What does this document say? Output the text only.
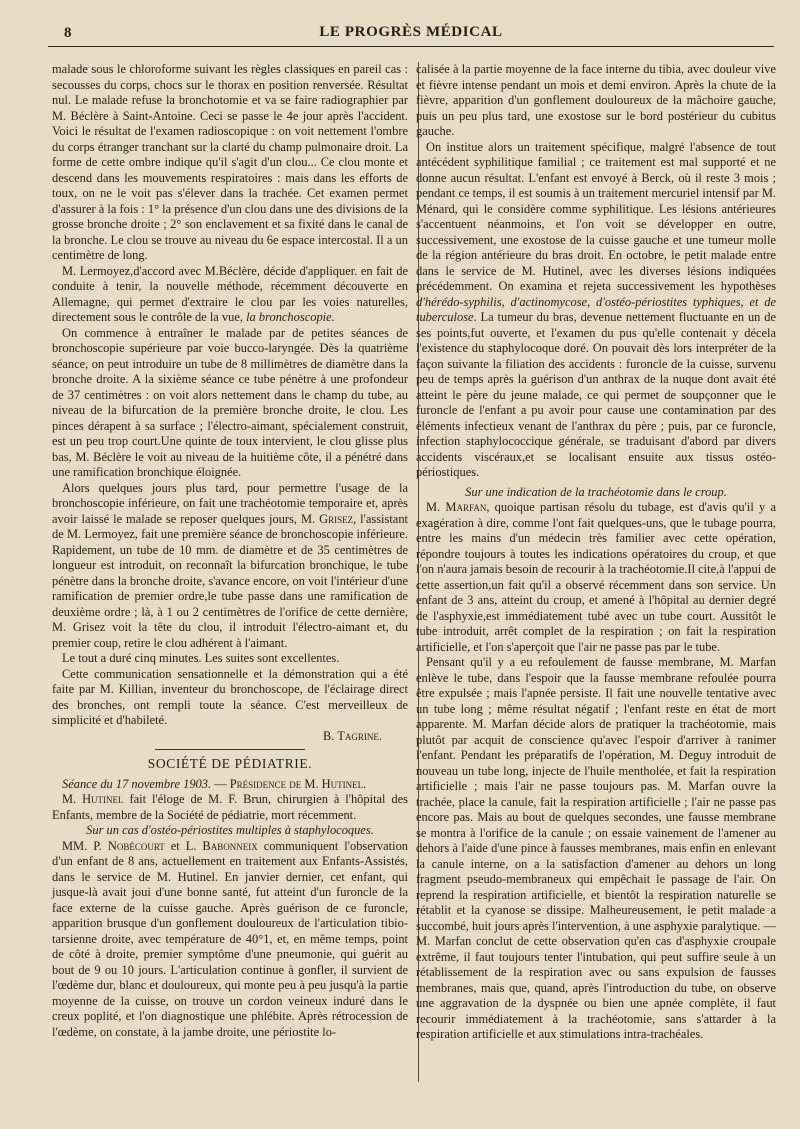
8	LE PROGRÈS MÉDICAL

malade sous le chloroforme suivant les règles classiques en pareil cas : secousses du corps, chocs sur le thorax en position renversée. Résultat nul. Le malade refuse la bronchotomie et va se faire radiographier par M. Béclère à Saint-Antoine. Ceci se passe le 4e jour après l'accident. Voici le résultat de l'examen radioscopique : on voit nettement l'ombre du corps étranger tranchant sur la clarté du champ pulmonaire droit. La forme de cette ombre indique qu'il s'agit d'un clou... Ce clou monte et descend dans les mouvements respiratoires : mais dans les efforts de toux, on ne le voit pas s'élever dans la trachée. Cet examen permet d'assurer à la fois : 1° la présence d'un clou dans une des divisions de la grosse bronche droite ; 2° son enclavement et sa fixité dans le canal de la bronche. Le clou se trouve au niveau du 6e espace intercostal. Il a un centimètre de long.

M. Lermoyez,d'accord avec M.Béclère, décide d'appliquer. en fait de conduite à tenir, la nouvelle méthode, récemment découverte en Allemagne, qui permet d'extraire le clou par les voies naturelles, directement sous le contrôle de la vue, la bronchoscopie.

On commence à entraîner le malade par de petites séances de bronchoscopie supérieure par voie bucco-laryngée. Dès la quatrième séance, on peut introduire un tube de 8 millimètres de diamètre dans la bronche droite. A la sixième séance ce tube pénètre à une profondeur de 37 centimètres : on voit alors nettement dans le champ du tube, au niveau de la bifurcation de la première bronche droite, le clou. Les pinces dérapent à sa surface ; l'électro-aimant, spécialement construit, est un peu trop court.Une quinte de toux intervient, le clou glisse plus bas, M. Béclère le voit au niveau de la huitième côte, il a pénétré dans une ramification bronchique éloignée.

Alors quelques jours plus tard, pour permettre l'usage de la bronchoscopie inférieure, on fait une trachéotomie temporaire et, après avoir laissé le malade se reposer quelques jours, M. Grisez, l'assistant de M. Lermoyez, fait une première séance de bronchoscopie inférieure. Rapidement, un tube de 10 mm. de diamètre et de 35 centimètres de longueur est introduit, on reconnaît la bifurcation bronchique, le tube pénètre dans la bronche droite, s'avance encore, on voit l'intérieur d'une ramification de premier ordre,le tube passe dans une ramification de deuxième ordre ; là, à 1 ou 2 centimètres de l'orifice de cette dernière, M. Grisez voit la tête du clou, il introduit l'électro-aimant et, du premier coup, retire le clou adhérent à l'aimant.

Le tout a duré cinq minutes. Les suites sont excellentes.

Cette communication sensationnelle et la démonstration qui a été faite par M. Killian, inventeur du bronchoscope, de l'éclairage direct des bronches, ont rempli toute la séance. C'est merveilleux de simplicité et d'habileté.

B. Tagrine.

SOCIÉTÉ DE PÉDIATRIE.

Séance du 17 novembre 1903. — Présidence de M. Hutinel.

M. Hutinel fait l'éloge de M. F. Brun, chirurgien à l'hôpital des Enfants, membre de la Société de pédiatrie, mort récemment.

Sur un cas d'ostéo-périostites multiples à staphylocoques.

MM. P. Nobécourt et L. Babonneix communiquent l'observation d'un enfant de 8 ans, actuellement en traitement aux Enfants-Assistés, dans le service de M. Hutinel. En janvier dernier, cet enfant, qui jusque-là avait joui d'une bonne santé, fut atteint d'un furoncle de la face externe de la cuisse gauche. Après guérison de ce furoncle, apparition brusque d'un gonflement douloureux de l'articulation tibio-tarsienne droite, avec température de 40°1, et, en même temps, point de côté à droite, premier symptôme d'une pneumonie, qui guérit au bout de 9 ou 10 jours. L'articulation continue à gonfler, il survient de l'œdème dur, blanc et douloureux, qui monte peu à peu jusqu'à la partie moyenne de la cuisse, on trouve un cordon veineux induré dans le creux poplité, et l'on diagnostique une phlébite. Après rétrocession de l'œdème, on constate, à la jambe droite, une périostite lo-

calisée à la partie moyenne de la face interne du tibia, avec douleur vive et fièvre intense pendant un mois et demi environ. Après la chute de la fièvre, apparition d'un gonflement douloureux de la mâchoire gauche, puis un peu plus tard, une exostose sur le bord postérieur du cubitus gauche.

On institue alors un traitement spécifique, malgré l'absence de tout antécédent syphilitique familial ; ce traitement est mal supporté et ne donne aucun résultat. L'enfant est envoyé à Berck, où il reste 3 mois ; pendant ce temps, il est soumis à un traitement mercuriel intensif par M. Ménard, qui le considère comme syphilitique. Les lésions antérieures s'accentuent néanmoins, et l'on voit se développer en outre, successivement, une exostose de la cuisse gauche et une tumeur molle de la région antérieure du bras droit. En octobre, le petit malade entre dans le service de M. Hutinel, avec les diverses lésions indiquées précédemment. On examina et rejeta successivement les hypothèses d'hérédo-syphilis, d'actinomycose, d'ostéo-périostites typhiques, et de tuberculose. La tumeur du bras, devenue nettement fluctuante en un de ses points,fut ouverte, et l'examen du pus qu'elle contenait y décela l'existence du staphylocoque doré. On pouvait dès lors interpréter de la façon suivante la filiation des accidents : furoncle de la cuisse, survenu peu de temps après la guérison d'un anthrax de la nuque dont avait été atteint le père du jeune malade, ce qui permet de soupçonner que le furoncle de l'enfant a pu avoir pour cause une contamination par des éléments infectieux venant de l'anthrax du père ; puis, par ce furoncle, infection staphylococcique générale, se traduisant d'abord par divers accidents viscéraux,et se localisant ensuite aux tissus ostéo-périostiques.

Sur une indication de la trachéotomie dans le croup.

M. Marfan, quoique partisan résolu du tubage, est d'avis qu'il y a exagération à dire, comme l'ont fait quelques-uns, que le tubage pourra, entre les mains d'un médecin très familier avec cette opération, répondre toujours à toutes les indications opératoires du croup, et que l'on n'aura jamais besoin de recourir à la trachéotomie.Il cite,à l'appui de cette assertion,un fait qu'il a observé récemment dans son service. Un enfant de 3 ans, atteint du croup, et amené à l'hôpital au dernier degré de l'asphyxie,est immédiatement tubé avec un tube court. Aussitôt le tube introduit, arrêt complet de la respiration ; on fait la respiration artificielle, et l'on s'aperçoit que l'air ne passe pas par le tube.

Pensant qu'il y a eu refoulement de fausse membrane, M. Marfan enlève le tube, dans l'espoir que la fausse membrane refoulée pourra être expulsée ; mais l'apnée persiste. Il fait une nouvelle tentative avec un tube long ; même résultat négatif ; l'enfant reste en état de mort apparente. M. Marfan décide alors de pratiquer la trachéotomie, mais plutôt par acquit de conscience qu'avec l'espoir d'arriver à ranimer l'enfant. Pendant les préparatifs de l'opération, M. Deguy introduit de nouveau un tube long, injecte de l'huile mentholée, et fait la respiration artificielle ; mais l'air ne passe toujours pas. M. Marfan ouvre la trachée, place la canule, fait la respiration artificielle ; l'air ne passe pas encore pas. Mais au bout de quelques secondes, une fausse membrane se montra à l'orifice de la canule ; on essaie vainement de l'amener au dehors à l'aide d'une pince à fausses membranes, mais enfin en enlevant la canule interne, on a la satisfaction d'amener au dehors un long fragment pseudo-membraneux qui empêchait le passage de l'air. On reprend la respiration artificielle, et bientôt la respiration naturelle se rétablit et la cyanose se dissipe. Malheureusement, le petit malade a succombé, huit jours après l'intervention, à une asphyxie paralytique. — M. Marfan conclut de cette observation qu'en cas d'asphyxie croupale extrême, il faut toujours tenter l'intubation, qui peut suffire seule à un rétablissement de la respiration avec ou sans expulsion de fausses membranes, mais que, quand, après l'introduction du tube, on observe une aggravation de la dyspnée ou bien une apnée complète, il faut recourir immédiatement à la trachéotomie, sans s'attarder à la respiration artificielle et aux stimulations intra-trachéales.
